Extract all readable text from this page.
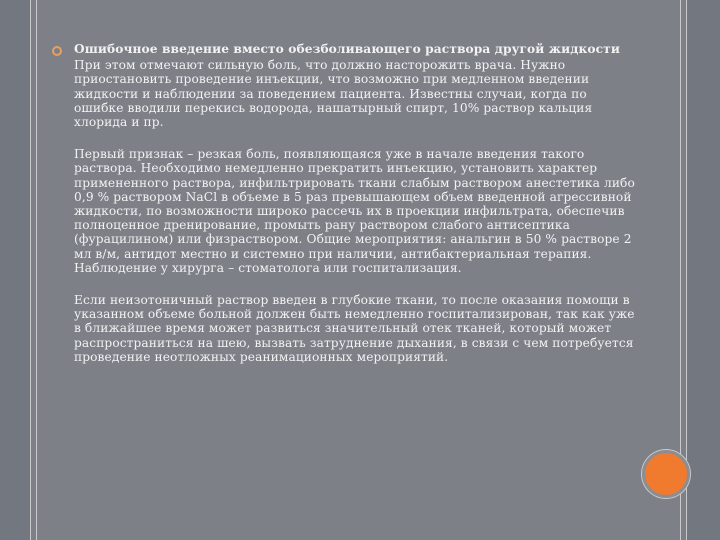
Ошибочное введение вместо обезболивающего раствора другой жидкости

При этом отмечают сильную боль, что должно насторожить врача. Нужно приостановить проведение инъекции, что возможно при медленном введении жидкости и наблюдении за поведением пациента. Известны случаи, когда по ошибке вводили перекись водорода, нашатырный спирт, 10% раствор кальция хлорида и пр.

Первый признак – резкая боль, появляющаяся уже в начале введения такого раствора. Необходимо немедленно прекратить инъекцию, установить характер примененного раствора, инфильтрировать ткани слабым раствором анестетика либо 0,9 % раствором NaCl в объеме в 5 раз превышающем объем введенной агрессивной жидкости, по возможности широко рассечь их в проекции инфильтрата, обеспечив полноценное дренирование, промыть рану раствором слабого антисептика (фурацилином) или физраствором. Общие мероприятия: анальгин в 50 % растворе 2 мл в/м, антидот местно и системно при наличии, антибактериальная терапия. Наблюдение у хирурга – стоматолога или госпитализация.

Если неизотоничный раствор введен в глубокие ткани, то после оказания помощи в указанном объеме больной должен быть немедленно госпитализирован, так как уже в ближайшее время может развиться значительный отек тканей, который может распространиться на шею, вызвать затруднение дыхания, в связи с чем потребуется проведение неотложных реанимационных мероприятий.
